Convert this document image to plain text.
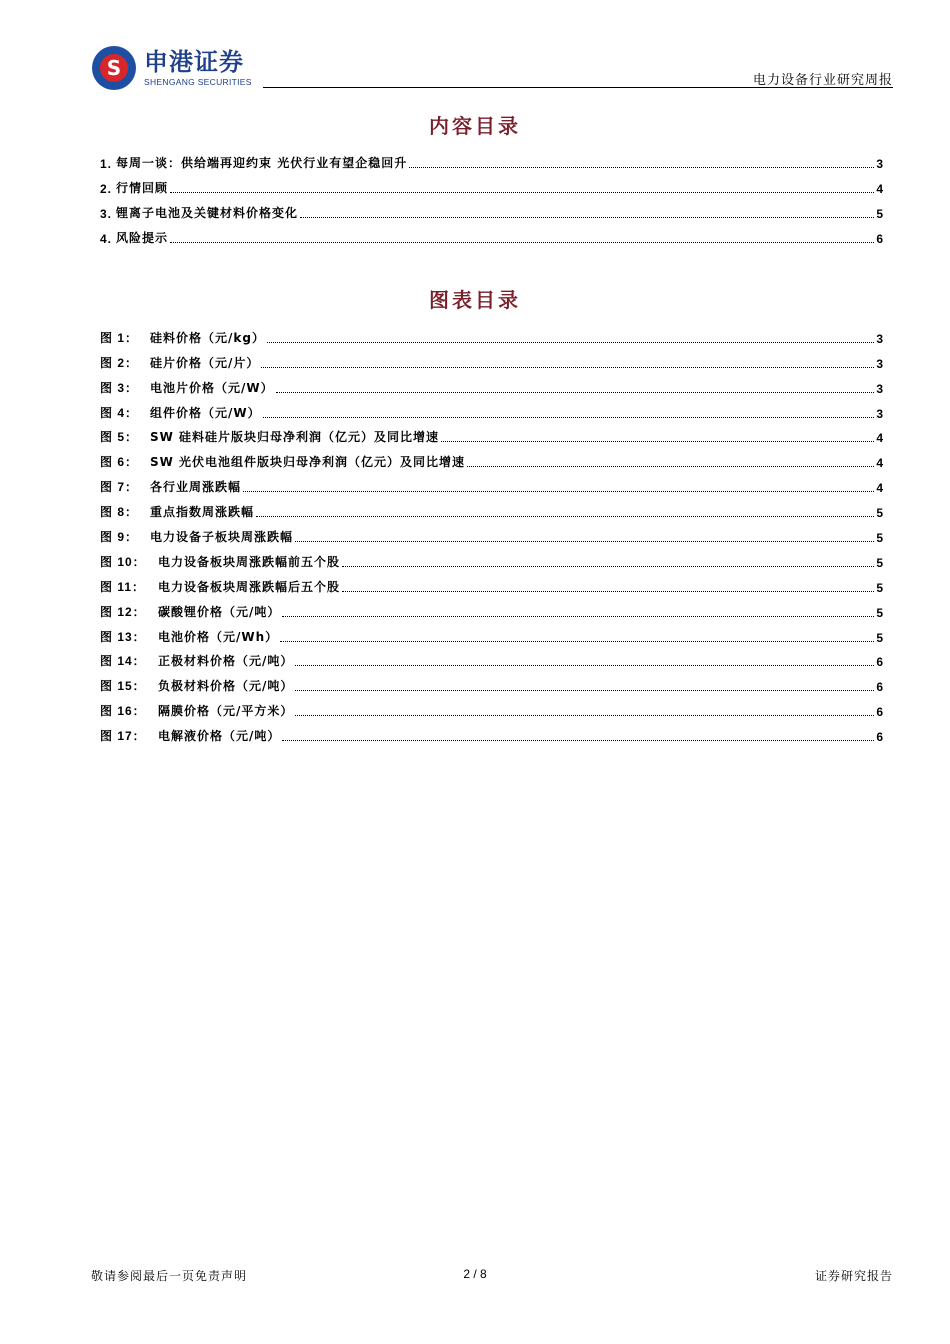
S 申港证券
SHENGANG SECURITIES	电力设备行业研究周报
内容目录
1. 每周一谈：供给端再迎约束 光伏行业有望企稳回升	3
2. 行情回顾	4
3. 锂离子电池及关键材料价格变化	5
4. 风险提示	6
图表目录
图 1： 硅料价格（元/kg）	3
图 2： 硅片价格（元/片）	3
图 3： 电池片价格（元/W）	3
图 4： 组件价格（元/W）	3
图 5： SW 硅料硅片版块归母净利润（亿元）及同比增速	4
图 6： SW 光伏电池组件版块归母净利润（亿元）及同比增速	4
图 7： 各行业周涨跌幅	4
图 8： 重点指数周涨跌幅	5
图 9： 电力设备子板块周涨跌幅	5
图 10：	电力设备板块周涨跌幅前五个股	5
图 11：	电力设备板块周涨跌幅后五个股	5
图 12：	碳酸锂价格（元/吨）	5
图 13：	电池价格（元/Wh）	5
图 14：	正极材料价格（元/吨）	6
图 15：	负极材料价格（元/吨）	6
图 16：	隔膜价格（元/平方米）	6
图 17：	电解液价格（元/吨）	6
敬请参阅最后一页免责声明	2 / 8	证券研究报告
